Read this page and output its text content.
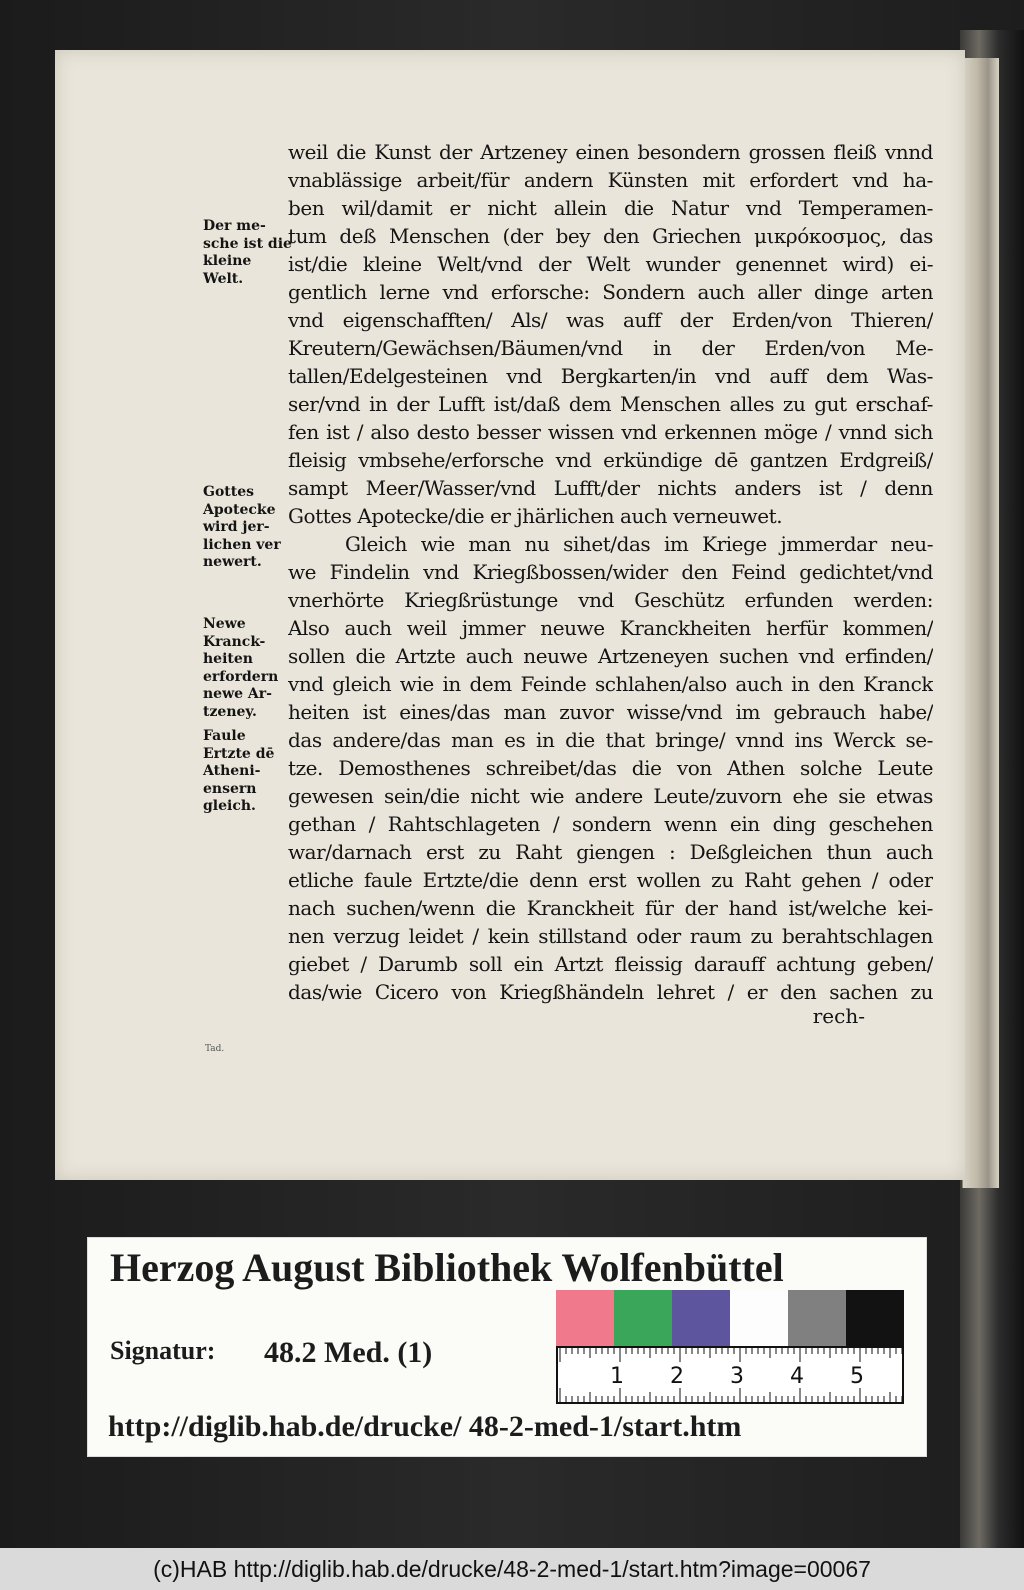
weil die Kunst der Artzeney einen besondern grossen fleiß vnnd
vnablässige arbeit/für andern Künsten mit erfordert vnd ha-
ben wil/damit er nicht allein die Natur vnd Temperamen-
tum deß Menschen (der bey den Griechen μικρόκοσμος, das
ist/die kleine Welt/vnd der Welt wunder genennet wird) ei-
gentlich lerne vnd erforsche: Sondern auch aller dinge arten
vnd eigenschafften/ Als/ was auff der Erden/von Thieren/
Kreutern/Gewächsen/Bäumen/vnd in der Erden/von Me-
tallen/Edelgesteinen vnd Bergkarten/in vnd auff dem Was-
ser/vnd in der Lufft ist/daß dem Menschen alles zu gut erschaf-
fen ist / also desto besser wissen vnd erkennen möge / vnnd sich
fleisig vmbsehe/erforsche vnd erkündige dē gantzen Erdgreiß/
sampt Meer/Wasser/vnd Lufft/der nichts anders ist / denn
Gottes Apotecke/die er jhärlichen auch verneuwet.
Gleich wie man nu sihet/das im Kriege jmmerdar neu-
we Findelin vnd Kriegßbossen/wider den Feind gedichtet/vnd
vnerhörte Kriegßrüstunge vnd Geschütz erfunden werden:
Also auch weil jmmer neuwe Kranckheiten herfür kommen/
sollen die Artzte auch neuwe Artzeneyen suchen vnd erfinden/
vnd gleich wie in dem Feinde schlahen/also auch in den Kranck
heiten ist eines/das man zuvor wisse/vnd im gebrauch habe/
das andere/das man es in die that bringe/ vnnd ins Werck se-
tze. Demosthenes schreibet/das die von Athen solche Leute
gewesen sein/die nicht wie andere Leute/zuvorn ehe sie etwas
gethan / Rahtschlageten / sondern wenn ein ding geschehen
war/darnach erst zu Raht giengen : Deßgleichen thun auch
etliche faule Ertzte/die denn erst wollen zu Raht gehen / oder
nach suchen/wenn die Kranckheit für der hand ist/welche kei-
nen verzug leidet / kein stillstand oder raum zu berahtschlagen
giebet / Darumb soll ein Artzt fleissig darauff achtung geben/
das/wie Cicero von Kriegßhändeln lehret / er den sachen zu
rech-
Tad.
Der me-
sche ist die
kleine
Welt.
Gottes
Apotecke
wird jer-
lichen ver
newert.
Newe
Kranck-
heiten
erfordern
newe Ar-
tzeney.
Faule
Ertzte dē
Atheni-
ensern
gleich.
Herzog August Bibliothek Wolfenbüttel
Signatur: 48.2 Med. (1)
1 2 3 4 5
http://diglib.hab.de/drucke/ 48-2-med-1/start.htm
(c)HAB http://diglib.hab.de/drucke/48-2-med-1/start.htm?image=00067
